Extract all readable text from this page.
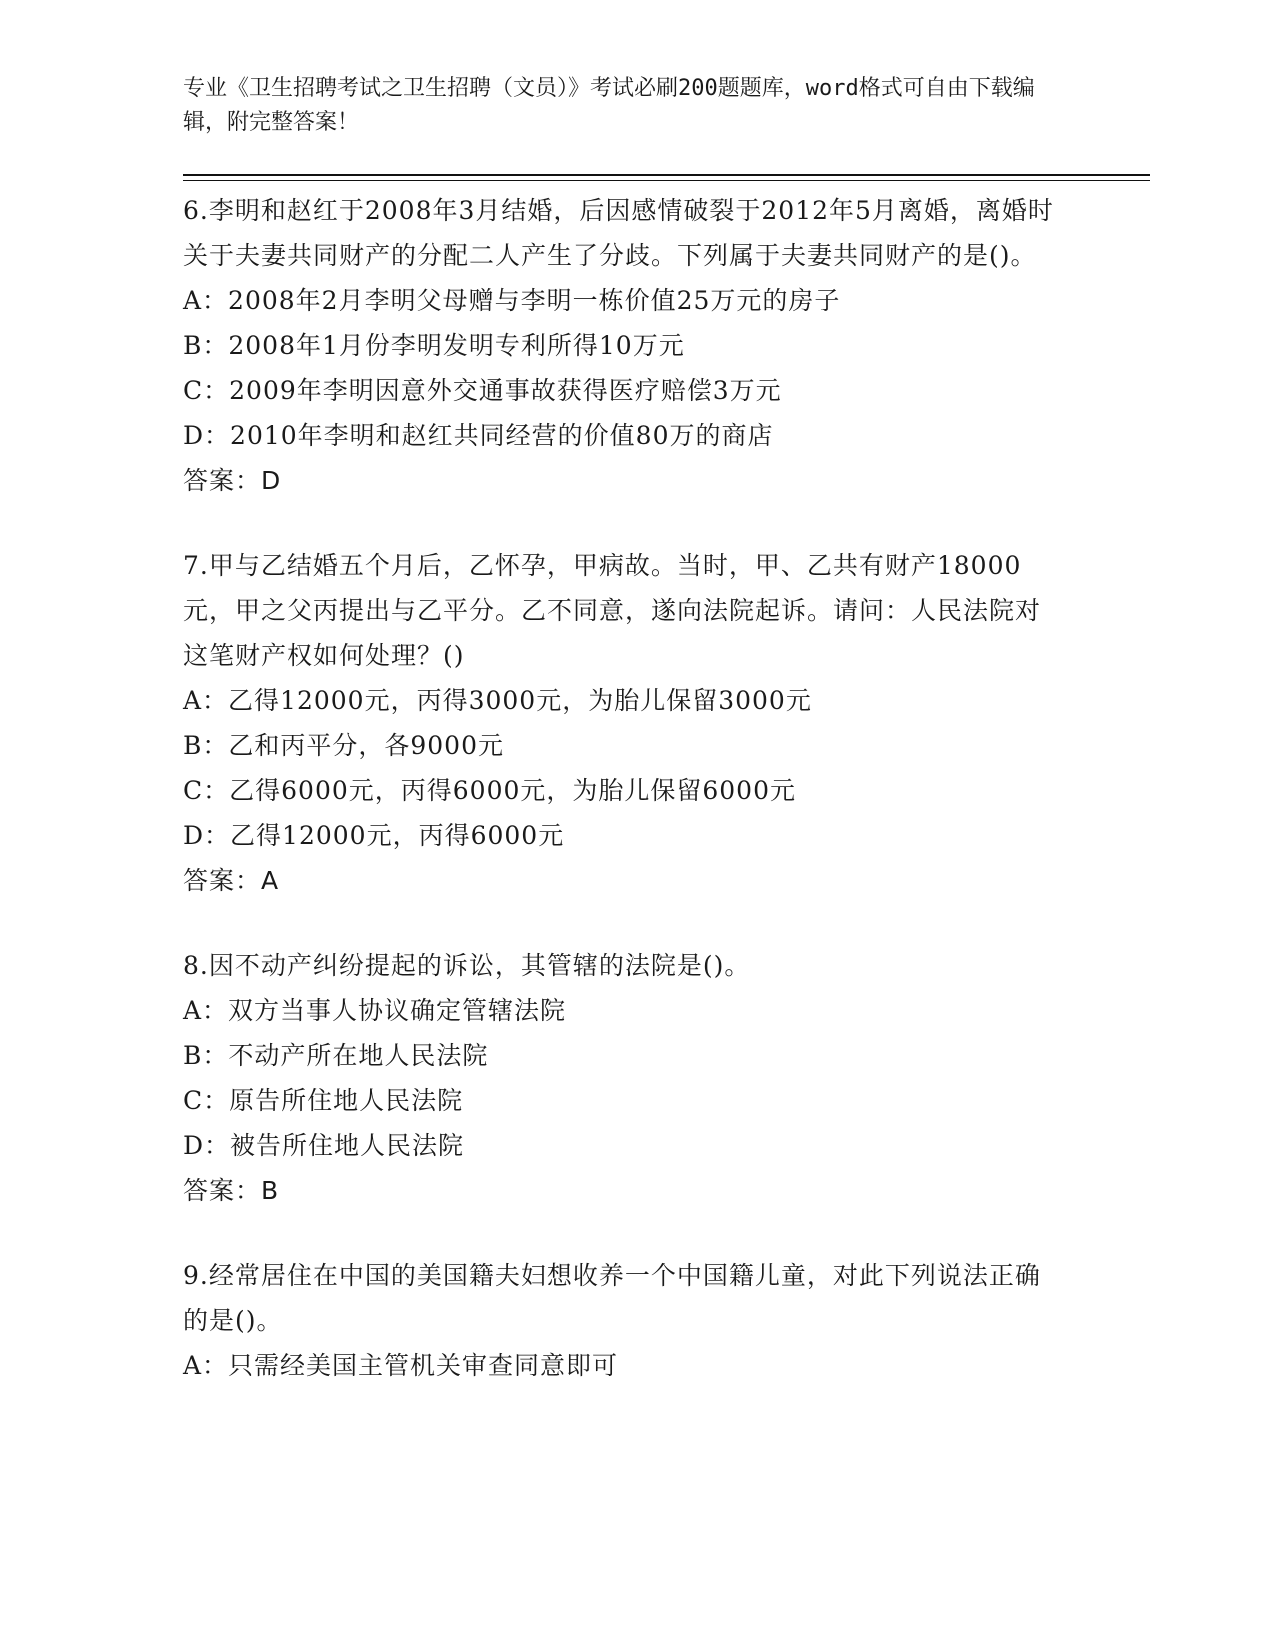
专业《卫生招聘考试之卫生招聘（文员）》考试必刷200题题库，word格式可自由下载编辑，附完整答案！
6.李明和赵红于2008年3月结婚，后因感情破裂于2012年5月离婚，离婚时关于夫妻共同财产的分配二人产生了分歧。下列属于夫妻共同财产的是()。
A：2008年2月李明父母赠与李明一栋价值25万元的房子
B：2008年1月份李明发明专利所得10万元
C：2009年李明因意外交通事故获得医疗赔偿3万元
D：2010年李明和赵红共同经营的价值80万的商店
答案：D
7.甲与乙结婚五个月后，乙怀孕，甲病故。当时，甲、乙共有财产18000元，甲之父丙提出与乙平分。乙不同意，遂向法院起诉。请问：人民法院对这笔财产权如何处理？()
A：乙得12000元，丙得3000元，为胎儿保留3000元
B：乙和丙平分，各9000元
C：乙得6000元，丙得6000元，为胎儿保留6000元
D：乙得12000元，丙得6000元
答案：A
8.因不动产纠纷提起的诉讼，其管辖的法院是()。
A：双方当事人协议确定管辖法院
B：不动产所在地人民法院
C：原告所住地人民法院
D：被告所住地人民法院
答案：B
9.经常居住在中国的美国籍夫妇想收养一个中国籍儿童，对此下列说法正确的是()。
A：只需经美国主管机关审查同意即可
